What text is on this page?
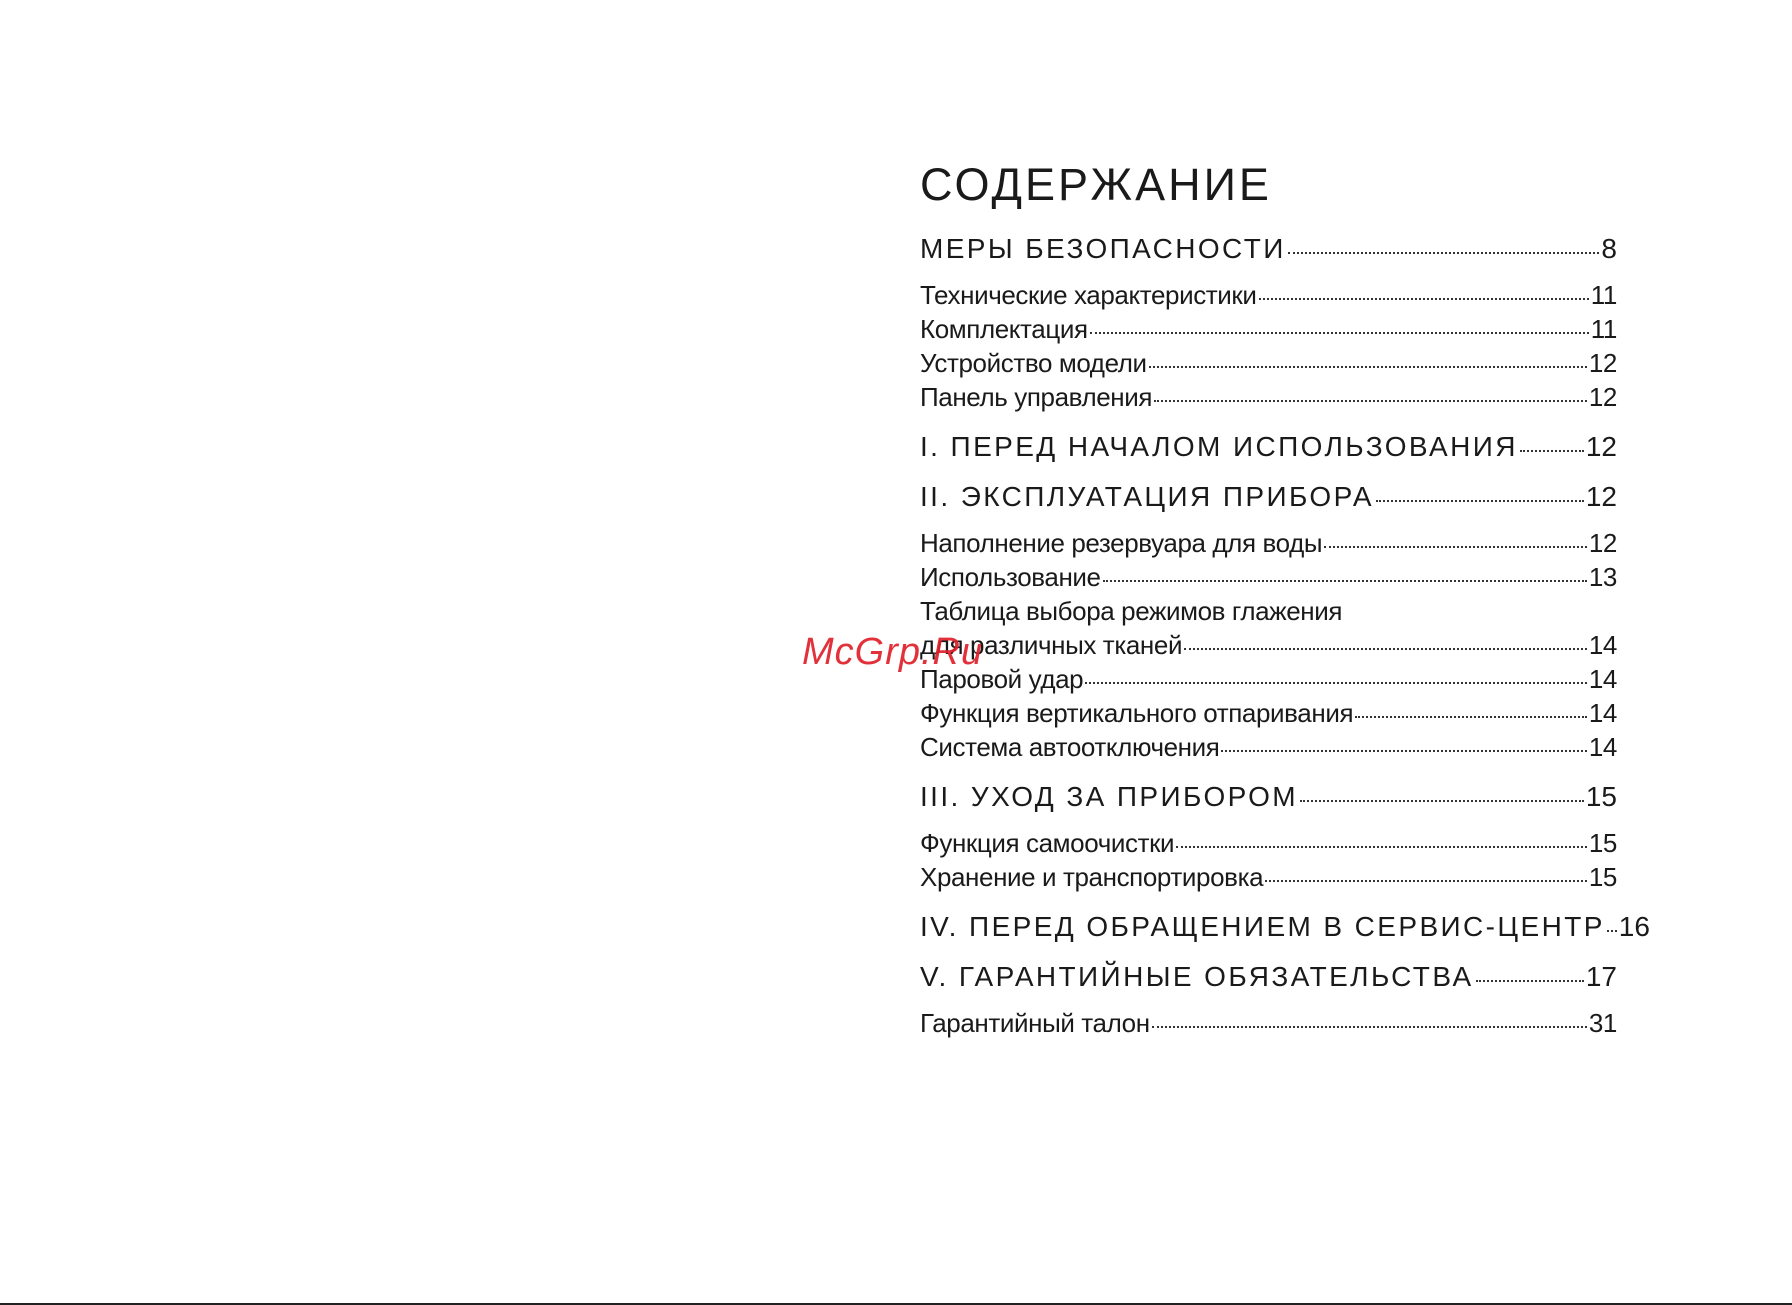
СОДЕРЖАНИЕ
МЕРЫ БЕЗОПАСНОСТИ	8
Технические характеристики	11
Комплектация	11
Устройство модели	12
Панель управления	12
I. ПЕРЕД НАЧАЛОМ ИСПОЛЬЗОВАНИЯ 12
II. ЭКСПЛУАТАЦИЯ ПРИБОРА	12
Наполнение резервуара для воды	12
Использование	13
Таблица выбора режимов глажения
для различных тканей	14
Паровой удар	14
Функция вертикального отпаривания	14
Система автоотключения	14
III. УХОД ЗА ПРИБОРОМ	15
Функция самоочистки	15
Хранение и транспортировка	15
IV. ПЕРЕД ОБРАЩЕНИЕМ В СЕРВИС-ЦЕНТР 16
V. ГАРАНТИЙНЫЕ ОБЯЗАТЕЛЬСТВА	17
Гарантийный талон	31
McGrp.Ru
